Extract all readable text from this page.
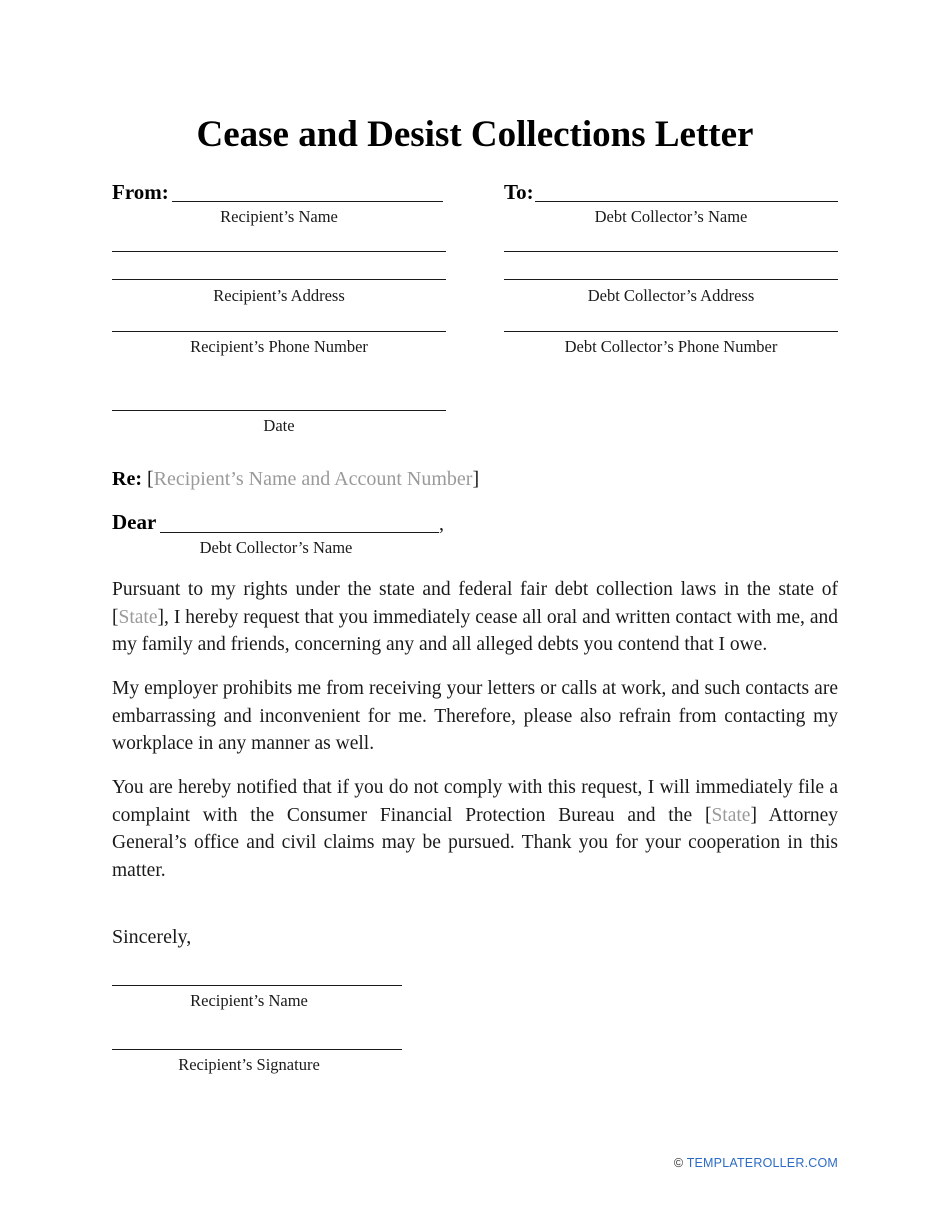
Cease and Desist Collections Letter
From:
Recipient’s Name
Recipient’s Address
Recipient’s Phone Number
Date
To:
Debt Collector’s Name
Debt Collector’s Address
Debt Collector’s Phone Number
Re: [Recipient’s Name and Account Number]
Dear	,
Debt Collector’s Name
Pursuant to my rights under the state and federal fair debt collection laws in the state of [State], I hereby request that you immediately cease all oral and written contact with me, and my family and friends, concerning any and all alleged debts you contend that I owe.
My employer prohibits me from receiving your letters or calls at work, and such contacts are embarrassing and inconvenient for me. Therefore, please also refrain from contacting my workplace in any manner as well.
You are hereby notified that if you do not comply with this request, I will immediately file a complaint with the Consumer Financial Protection Bureau and the [State] Attorney General’s office and civil claims may be pursued. Thank you for your cooperation in this matter.
Sincerely,
Recipient’s Name
Recipient’s Signature
© TEMPLATEROLLER.COM
